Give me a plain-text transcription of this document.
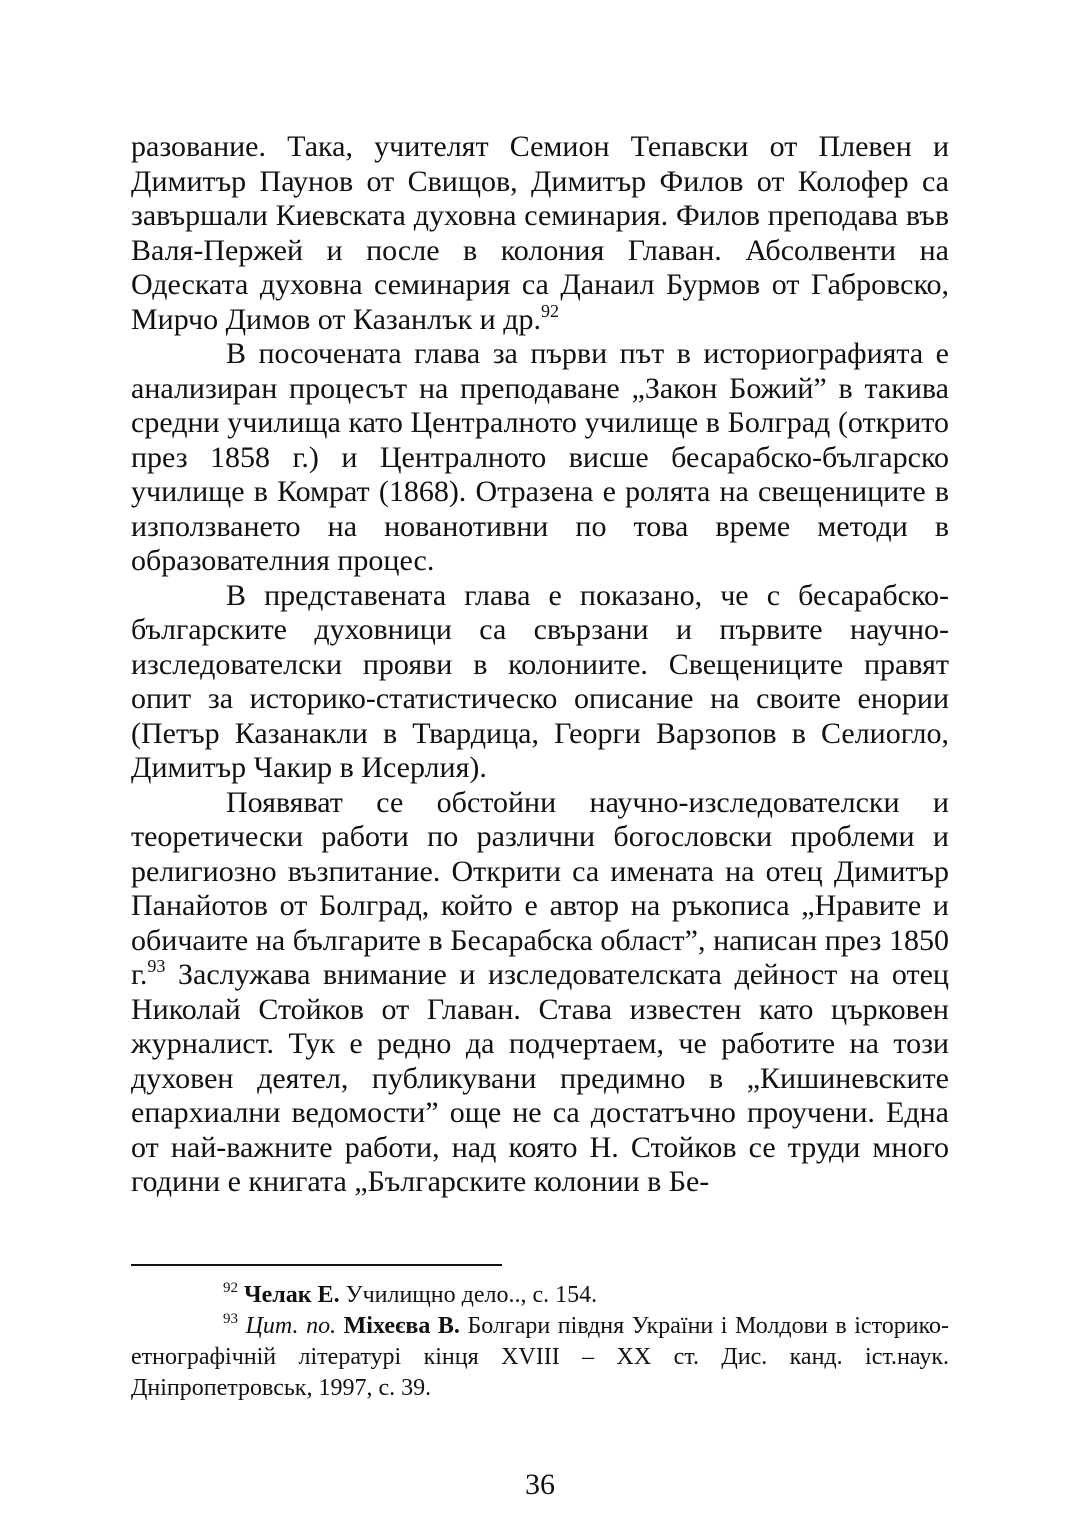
разование. Така, учителят Семион Тепавски от Плевен и Димитър Паунов от Свищов, Димитър Филов от Колофер са завършали Киевската духовна семинария. Филов преподава във Валя-Пержей и после в колония Главан. Абсолвенти на Одеската духовна семинария са Данаил Бурмов от Габровско, Мирчо Димов от Казанлък и др.$^{92}$

В посочената глава за първи път в историографията е анализиран процесът на преподаване „Закон Божий” в такива средни училища като Централното училище в Болград (открито през 1858 г.) и Централното висше бесарабско-българско училище в Комрат (1868). Отразена е ролята на свещениците в използването на нованотивни по това време методи в образователния процес.

В представената глава е показано, че с бесарабско-българските духовници са свързани и първите научно-изследователски прояви в колониите. Свещениците правят опит за историко-статистическо описание на своите енории (Петър Казанакли в Твардица, Георги Варзопов в Селиогло, Димитър Чакир в Исерлия).

Появяват се обстойни научно-изследователски и теоретически работи по различни богословски проблеми и религиозно възпитание. Открити са имената на отец Димитър Панайотов от Болград, който е автор на ръкописа „Нравите и обичаите на българите в Бесарабска област”, написан през 1850 г.$^{93}$ Заслужава внимание и изследователската дейност на отец Николай Стойков от Главан. Става известен като църковен журналист. Тук е редно да подчертаем, че работите на този духовен деятел, публикувани предимно в „Кишиневските епархиални ведомости” още не са достатъчно проучени. Една от най-важните работи, над която Н. Стойков се труди много години е книгата „Българските колонии в Бе-

$^{92}$ Челак Е. Училищно дело.., с. 154.

$^{93}$ Цит. по. Міхеєва В. Болгари півдня України і Молдови в історико-етнографічній літературі кінця XVIII – XX ст. Дис. канд. іст.наук. Дніпропетровськ, 1997, с. 39.

36
